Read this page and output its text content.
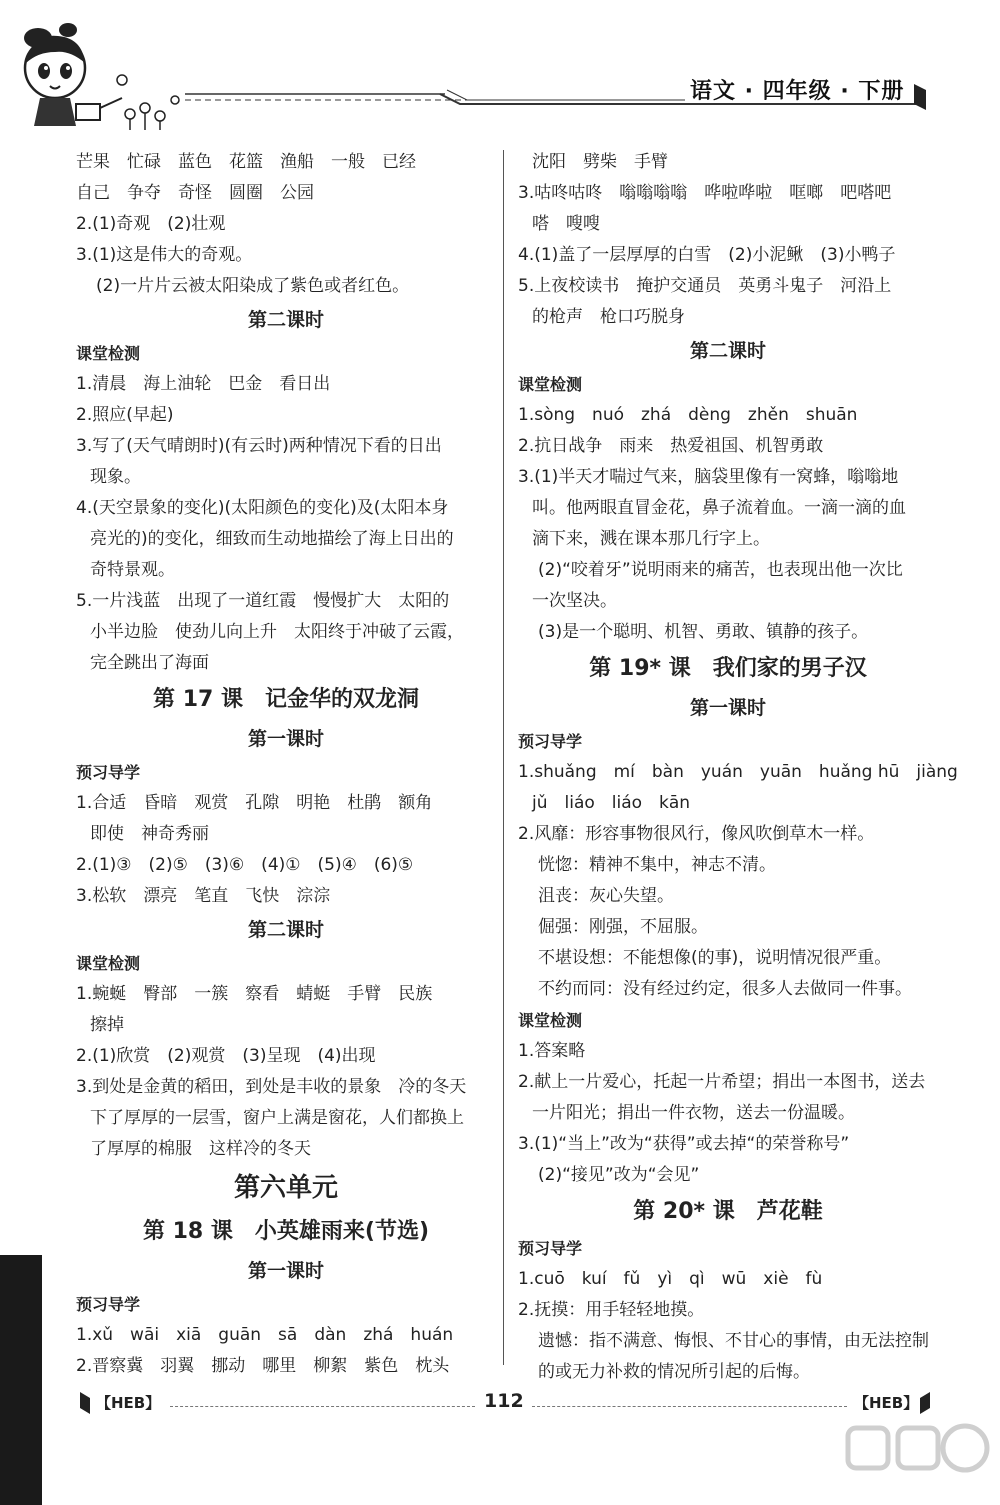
语文 · 四年级 · 下册
芒果　忙碌　蓝色　花篮　渔船　一般　已经
自己　争夺　奇怪　圆圈　公园
2.(1)奇观　(2)壮观
3.(1)这是伟大的奇观。
(2)一片片云被太阳染成了紫色或者红色。
第二课时
课堂检测
1.清晨　海上油轮　巴金　看日出
2.照应(早起)
3.写了(天气晴朗时)(有云时)两种情况下看的日出
现象。
4.(天空景象的变化)(太阳颜色的变化)及(太阳本身
亮光的)的变化，细致而生动地描绘了海上日出的
奇特景观。
5.一片浅蓝　出现了一道红霞　慢慢扩大　太阳的
小半边脸　使劲儿向上升　太阳终于冲破了云霞，
完全跳出了海面
第 17 课　记金华的双龙洞
第一课时
预习导学
1.合适　昏暗　观赏　孔隙　明艳　杜鹃　额角
即使　神奇秀丽
2.(1)③　(2)⑤　(3)⑥　(4)①　(5)④　(6)⑤
3.松软　漂亮　笔直　飞快　淙淙
第二课时
课堂检测
1.蜿蜒　臀部　一簇　察看　蜻蜓　手臂　民族
擦掉
2.(1)欣赏　(2)观赏　(3)呈现　(4)出现
3.到处是金黄的稻田，到处是丰收的景象　冷的冬天
下了厚厚的一层雪，窗户上满是窗花，人们都换上
了厚厚的棉服　这样冷的冬天
第六单元
第 18 课　小英雄雨来(节选)
第一课时
预习导学
1.xǔ　wāi　xiā　guān　sā　dàn　zhá　huán
2.晋察冀　羽翼　挪动　哪里　柳絮　紫色　枕头
沈阳　劈柴　手臂
3.咕咚咕咚　嗡嗡嗡嗡　哗啦哗啦　哐啷　吧嗒吧
嗒　嗖嗖
4.(1)盖了一层厚厚的白雪　(2)小泥鳅　(3)小鸭子
5.上夜校读书　掩护交通员　英勇斗鬼子　河沿上
的枪声　枪口巧脱身
第二课时
课堂检测
1.sòng　nuó　zhá　dèng　zhěn　shuān
2.抗日战争　雨来　热爱祖国、机智勇敢
3.(1)半天才喘过气来，脑袋里像有一窝蜂，嗡嗡地
叫。他两眼直冒金花，鼻子流着血。一滴一滴的血
滴下来，溅在课本那几行字上。
(2)“咬着牙”说明雨来的痛苦，也表现出他一次比
一次坚决。
(3)是一个聪明、机智、勇敢、镇静的孩子。
第 19* 课　我们家的男子汉
第一课时
预习导学
1.shuǎng　mí　bàn　yuán　yuān　huǎng hū　jiàng
jǔ　liáo　liáo　kān
2.风靡：形容事物很风行，像风吹倒草木一样。
恍惚：精神不集中，神志不清。
沮丧：灰心失望。
倔强：刚强，不屈服。
不堪设想：不能想像(的事)，说明情况很严重。
不约而同：没有经过约定，很多人去做同一件事。
课堂检测
1.答案略
2.献上一片爱心，托起一片希望；捐出一本图书，送去
一片阳光；捐出一件衣物，送去一份温暖。
3.(1)“当上”改为“获得”或去掉“的荣誉称号”
(2)“接见”改为“会见”
第 20* 课　芦花鞋
预习导学
1.cuō　kuí　fǔ　yì　qì　wū　xiè　fù
2.抚摸：用手轻轻地摸。
遗憾：指不满意、悔恨、不甘心的事情，由无法控制
的或无力补救的情况所引起的后悔。
【HEB】	112	【HEB】
